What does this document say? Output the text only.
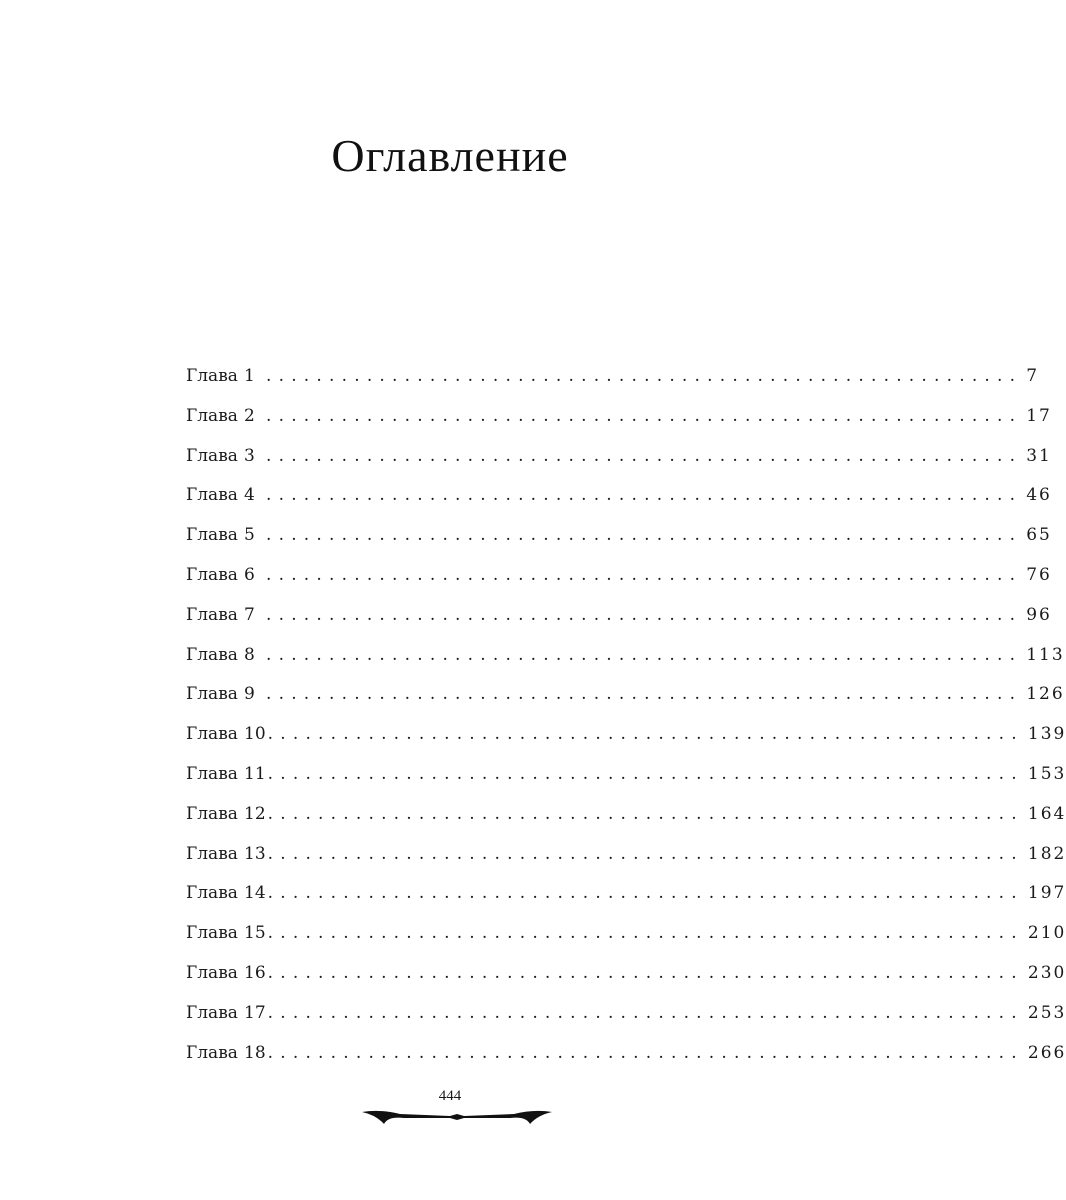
Оглавление
Глава 1 ............................................................ 7
Глава 2 ............................................................ 17
Глава 3 ............................................................ 31
Глава 4 ............................................................ 46
Глава 5 ............................................................ 65
Глава 6 ............................................................ 76
Глава 7 ............................................................ 96
Глава 8 ............................................................ 113
Глава 9 ............................................................ 126
Глава 10 ............................................................ 139
Глава 11 ............................................................ 153
Глава 12 ............................................................ 164
Глава 13 ............................................................ 182
Глава 14 ............................................................ 197
Глава 15 ............................................................ 210
Глава 16 ............................................................ 230
Глава 17 ............................................................ 253
Глава 18 ............................................................ 266
444
